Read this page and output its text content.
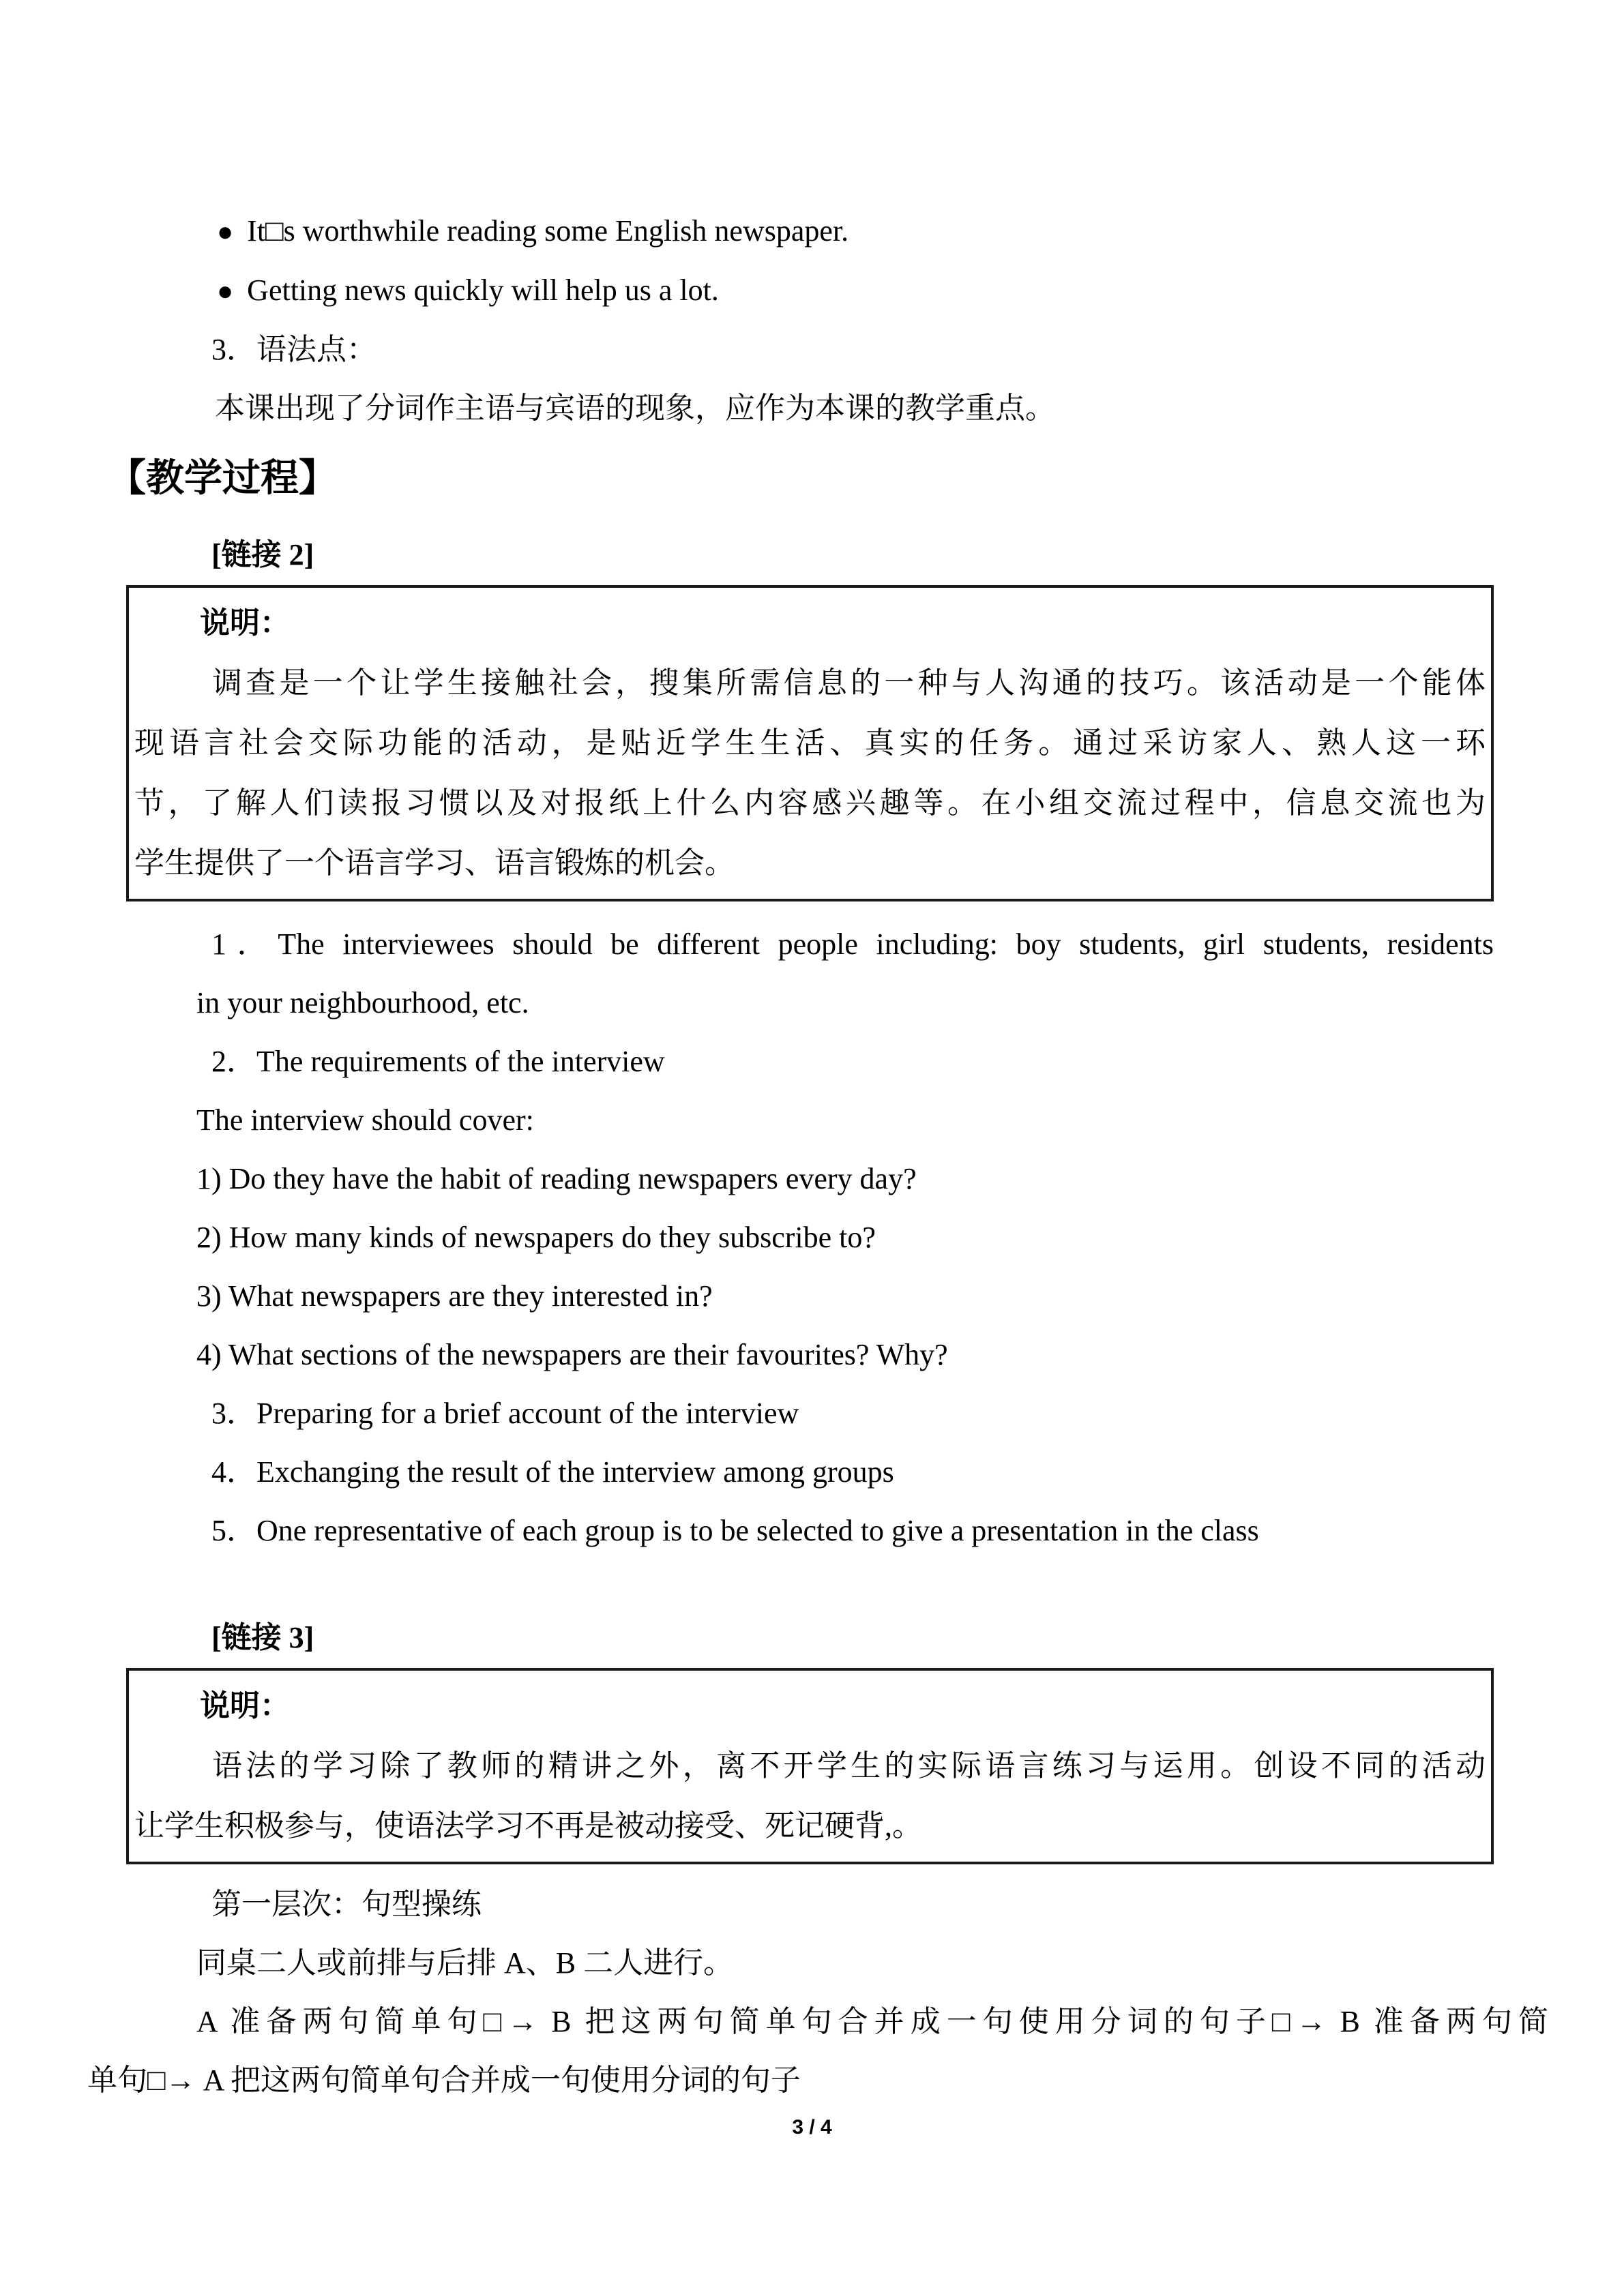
● It□s worthwhile reading some English newspaper.
● Getting news quickly will help us a lot.
3．语法点：
本课出现了分词作主语与宾语的现象，应作为本课的教学重点。
【教学过程】
[链接 2]
说明：
调查是一个让学生接触社会，搜集所需信息的一种与人沟通的技巧。该活动是一个能体
现语言社会交际功能的活动，是贴近学生生活、真实的任务。通过采访家人、熟人这一环
节，了解人们读报习惯以及对报纸上什么内容感兴趣等。在小组交流过程中，信息交流也为
学生提供了一个语言学习、语言锻炼的机会。
1．The interviewees should be different people including: boy students, girl students, residents
in your neighbourhood, etc.
2．The requirements of the interview
The interview should cover:
1) Do they have the habit of reading newspapers every day?
2) How many kinds of newspapers do they subscribe to?
3) What newspapers are they interested in?
4) What sections of the newspapers are their favourites? Why?
3．Preparing for a brief account of the interview
4．Exchanging the result of the interview among groups
5．One representative of each group is to be selected to give a presentation in the class
[链接 3]
说明：
语法的学习除了教师的精讲之外，离不开学生的实际语言练习与运用。创设不同的活动
让学生积极参与，使语法学习不再是被动接受、死记硬背,。
第一层次：句型操练
同桌二人或前排与后排 A、B 二人进行。
A 准备两句简单句□→ B 把这两句简单句合并成一句使用分词的句子□→ B 准备两句简
单句□→ A 把这两句简单句合并成一句使用分词的句子
3 / 4
